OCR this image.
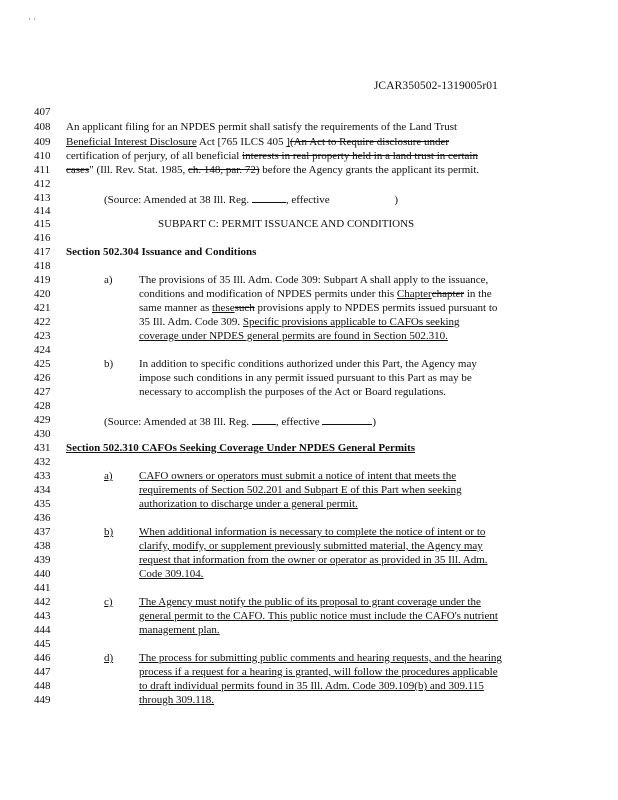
· ·
JCAR350502-1319005r01
407
408
409
410
411
412
413
414
415
416
417
418
419
420
421
422
423
424
425
426
427
428
429
430
431
432
433
434
435
436
437
438
439
440
441
442
443
444
445
446
447
448
449
An applicant filing for an NPDES permit shall satisfy the requirements of the Land Trust
Beneficial Interest Disclosure Act [765 ILCS 405 ](An Act to Require disclosure under
certification of perjury, of all beneficial interests in real property held in a land trust in certain
cases" (Ill. Rev. Stat. 1985, ch. 148, par. 72) before the Agency grants the applicant its permit.
(Source: Amended at 38 Ill. Reg.	, effective	)
SUBPART C: PERMIT ISSUANCE AND CONDITIONS
Section 502.304 Issuance and Conditions
a) The provisions of 35 Ill. Adm. Code 309: Subpart A shall apply to the issuance,
conditions and modification of NPDES permits under this Chapterchapter in the
same manner as thesesuch provisions apply to NPDES permits issued pursuant to
35 Ill. Adm. Code 309. Specific provisions applicable to CAFOs seeking
coverage under NPDES general permits are found in Section 502.310.
b) In addition to specific conditions authorized under this Part, the Agency may
impose such conditions in any permit issued pursuant to this Part as may be
necessary to accomplish the purposes of the Act or Board regulations.
(Source: Amended at 38 Ill. Reg. , effective	)
Section 502.310 CAFOs Seeking Coverage Under NPDES General Permits
a) CAFO owners or operators must submit a notice of intent that meets the
requirements of Section 502.201 and Subpart E of this Part when seeking
authorization to discharge under a general permit.
b) When additional information is necessary to complete the notice of intent or to
clarify, modify, or supplement previously submitted material, the Agency may
request that information from the owner or operator as provided in 35 Ill. Adm.
Code 309.104.
c) The Agency must notify the public of its proposal to grant coverage under the
general permit to the CAFO. This public notice must include the CAFO's nutrient
management plan.
d) The process for submitting public comments and hearing requests, and the hearing
process if a request for a hearing is granted, will follow the procedures applicable
to draft individual permits found in 35 Ill. Adm. Code 309.109(b) and 309.115
through 309.118.
